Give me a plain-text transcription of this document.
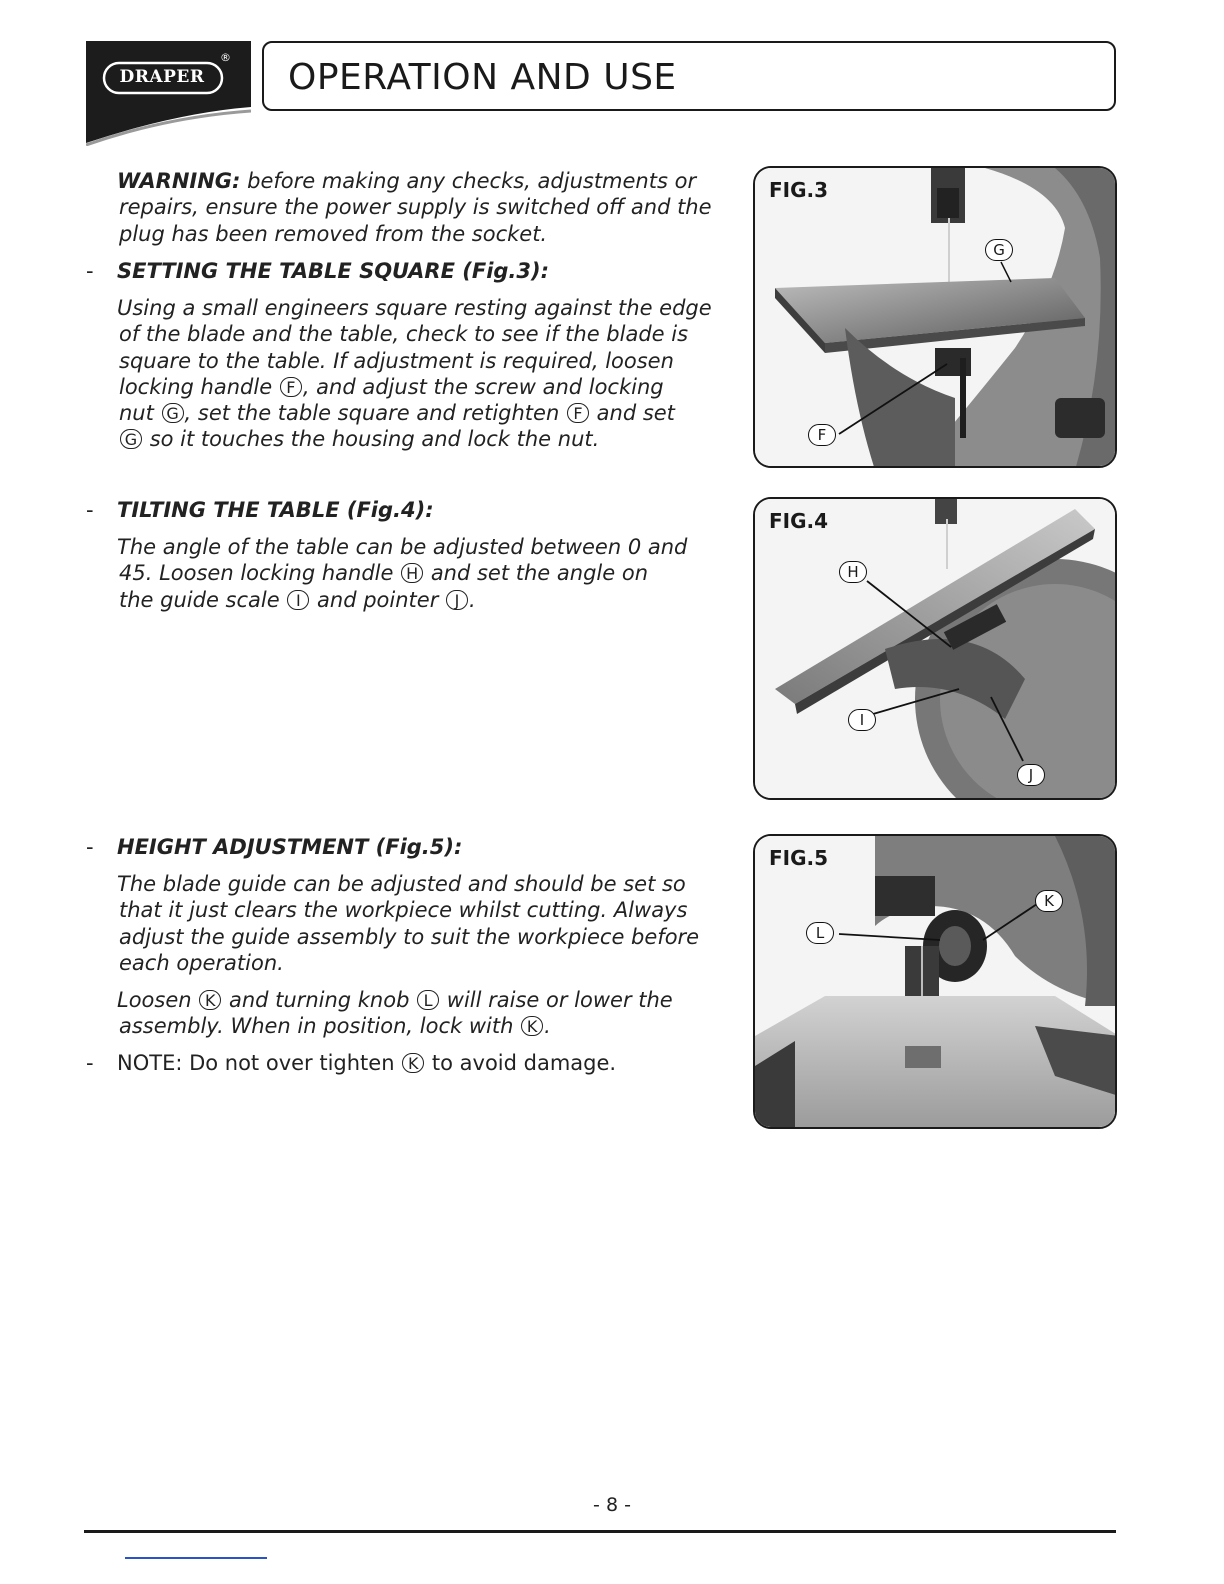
DRAPER
® OPERATION AND USE
WARNING: before making any checks, adjustments or
repairs, ensure the power supply is switched off and the
plug has been removed from the socket.
- SETTING THE TABLE SQUARE (Fig.3):
Using a small engineers square resting against the edge
of the blade and the table, check to see if the blade is
square to the table. If adjustment is required, loosen
locking handle F , and adjust the screw and locking
nut G , set the table square and retighten F and set
G so it touches the housing and lock the nut.
- TILTING THE TABLE (Fig.4):
The angle of the table can be adjusted between 0 and
45. Loosen locking handle H and set the angle on
the guide scale I and pointer J .
- HEIGHT ADJUSTMENT (Fig.5):
The blade guide can be adjusted and should be set so
that it just clears the workpiece whilst cutting. Always
adjust the guide assembly to suit the workpiece before
each operation.
Loosen K and turning knob L will raise or lower the
assembly. When in position, lock with K .
- NOTE: Do not over tighten K to avoid damage.
FIG.3
G
F
FIG.4
H
I
J
FIG.5
L
K
- 8 -
